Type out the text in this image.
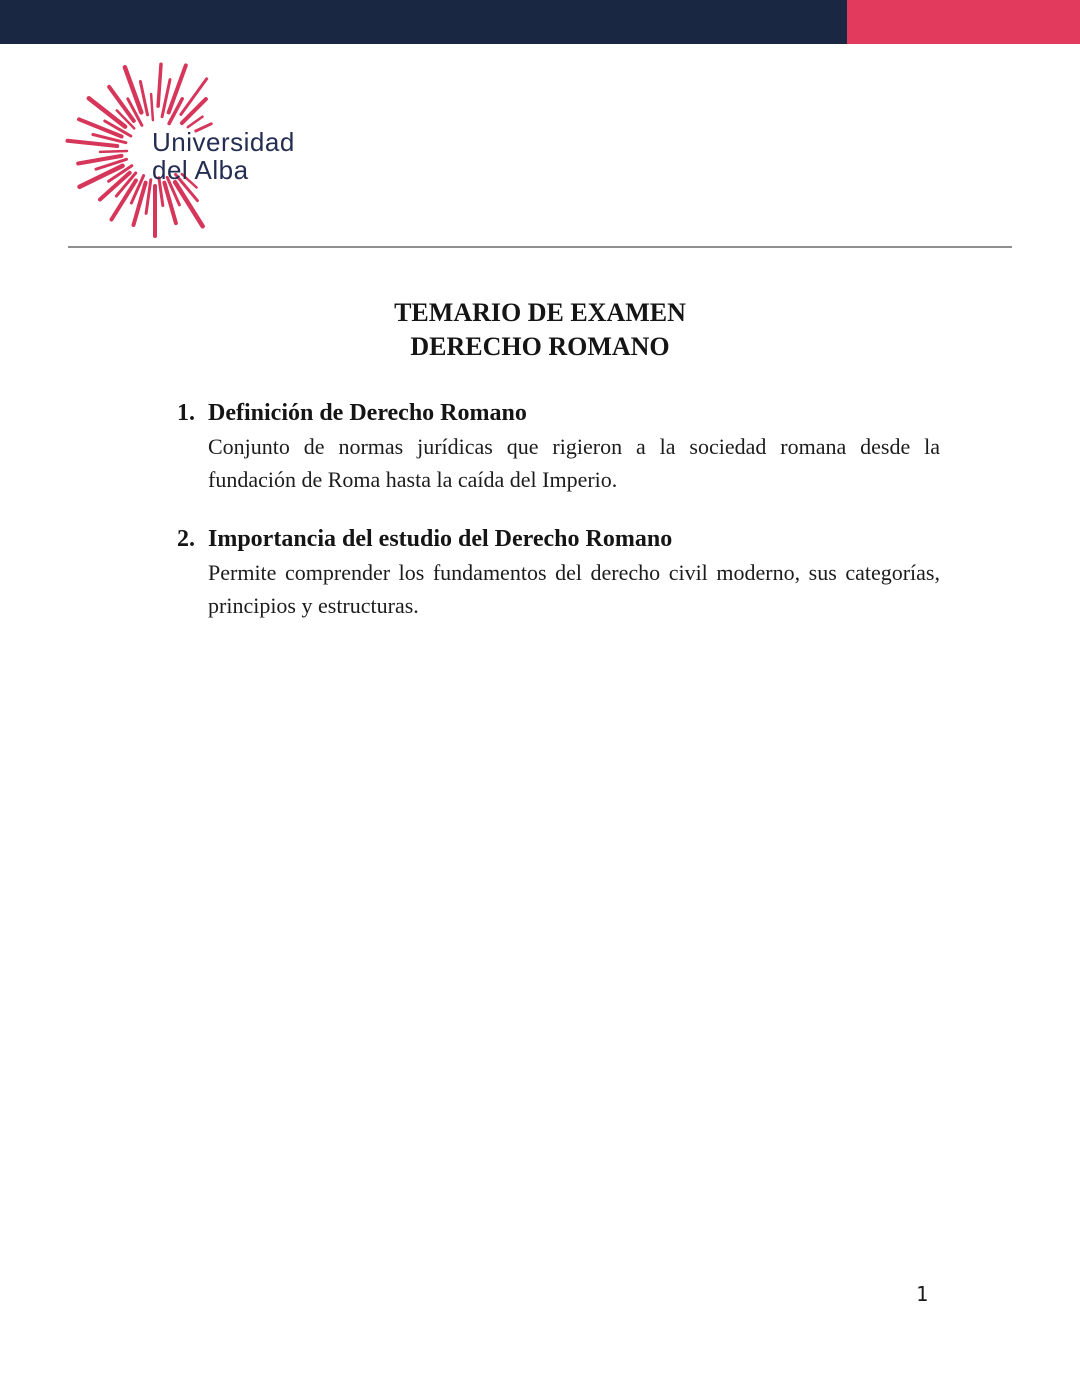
Universidad
del Alba
TEMARIO DE EXAMEN
DERECHO ROMANO
1. Definición de Derecho Romano
Conjunto de normas jurídicas que rigieron a la sociedad romana desde la fundación de Roma hasta la caída del Imperio.
2. Importancia del estudio del Derecho Romano
Permite comprender los fundamentos del derecho civil moderno, sus categorías, principios y estructuras.
1
